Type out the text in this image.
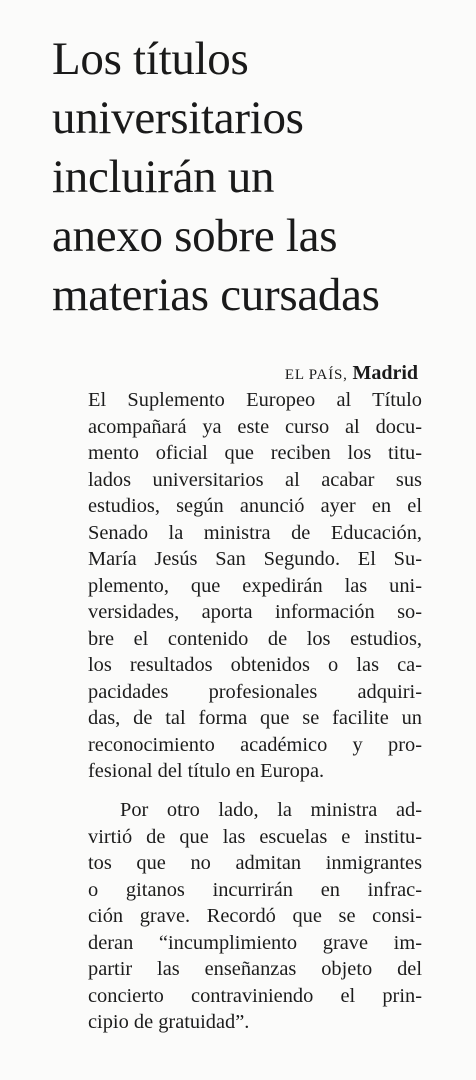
Los títulos
universitarios
incluirán un
anexo sobre las
materias cursadas
EL PAÍS, Madrid

El Suplemento Europeo al Título
acompañará ya este curso al docu-
mento oficial que reciben los titu-
lados universitarios al acabar sus
estudios, según anunció ayer en el
Senado la ministra de Educación,
María Jesús San Segundo. El Su-
plemento, que expedirán las uni-
versidades, aporta información so-
bre el contenido de los estudios,
los resultados obtenidos o las ca-
pacidades profesionales adquiri-
das, de tal forma que se facilite un
reconocimiento académico y pro-
fesional del título en Europa.

Por otro lado, la ministra ad-
virtió de que las escuelas e institu-
tos que no admitan inmigrantes
o gitanos incurrirán en infrac-
ción grave. Recordó que se consi-
deran “incumplimiento grave im-
partir las enseñanzas objeto del
concierto contraviniendo el prin-
cipio de gratuidad”.
